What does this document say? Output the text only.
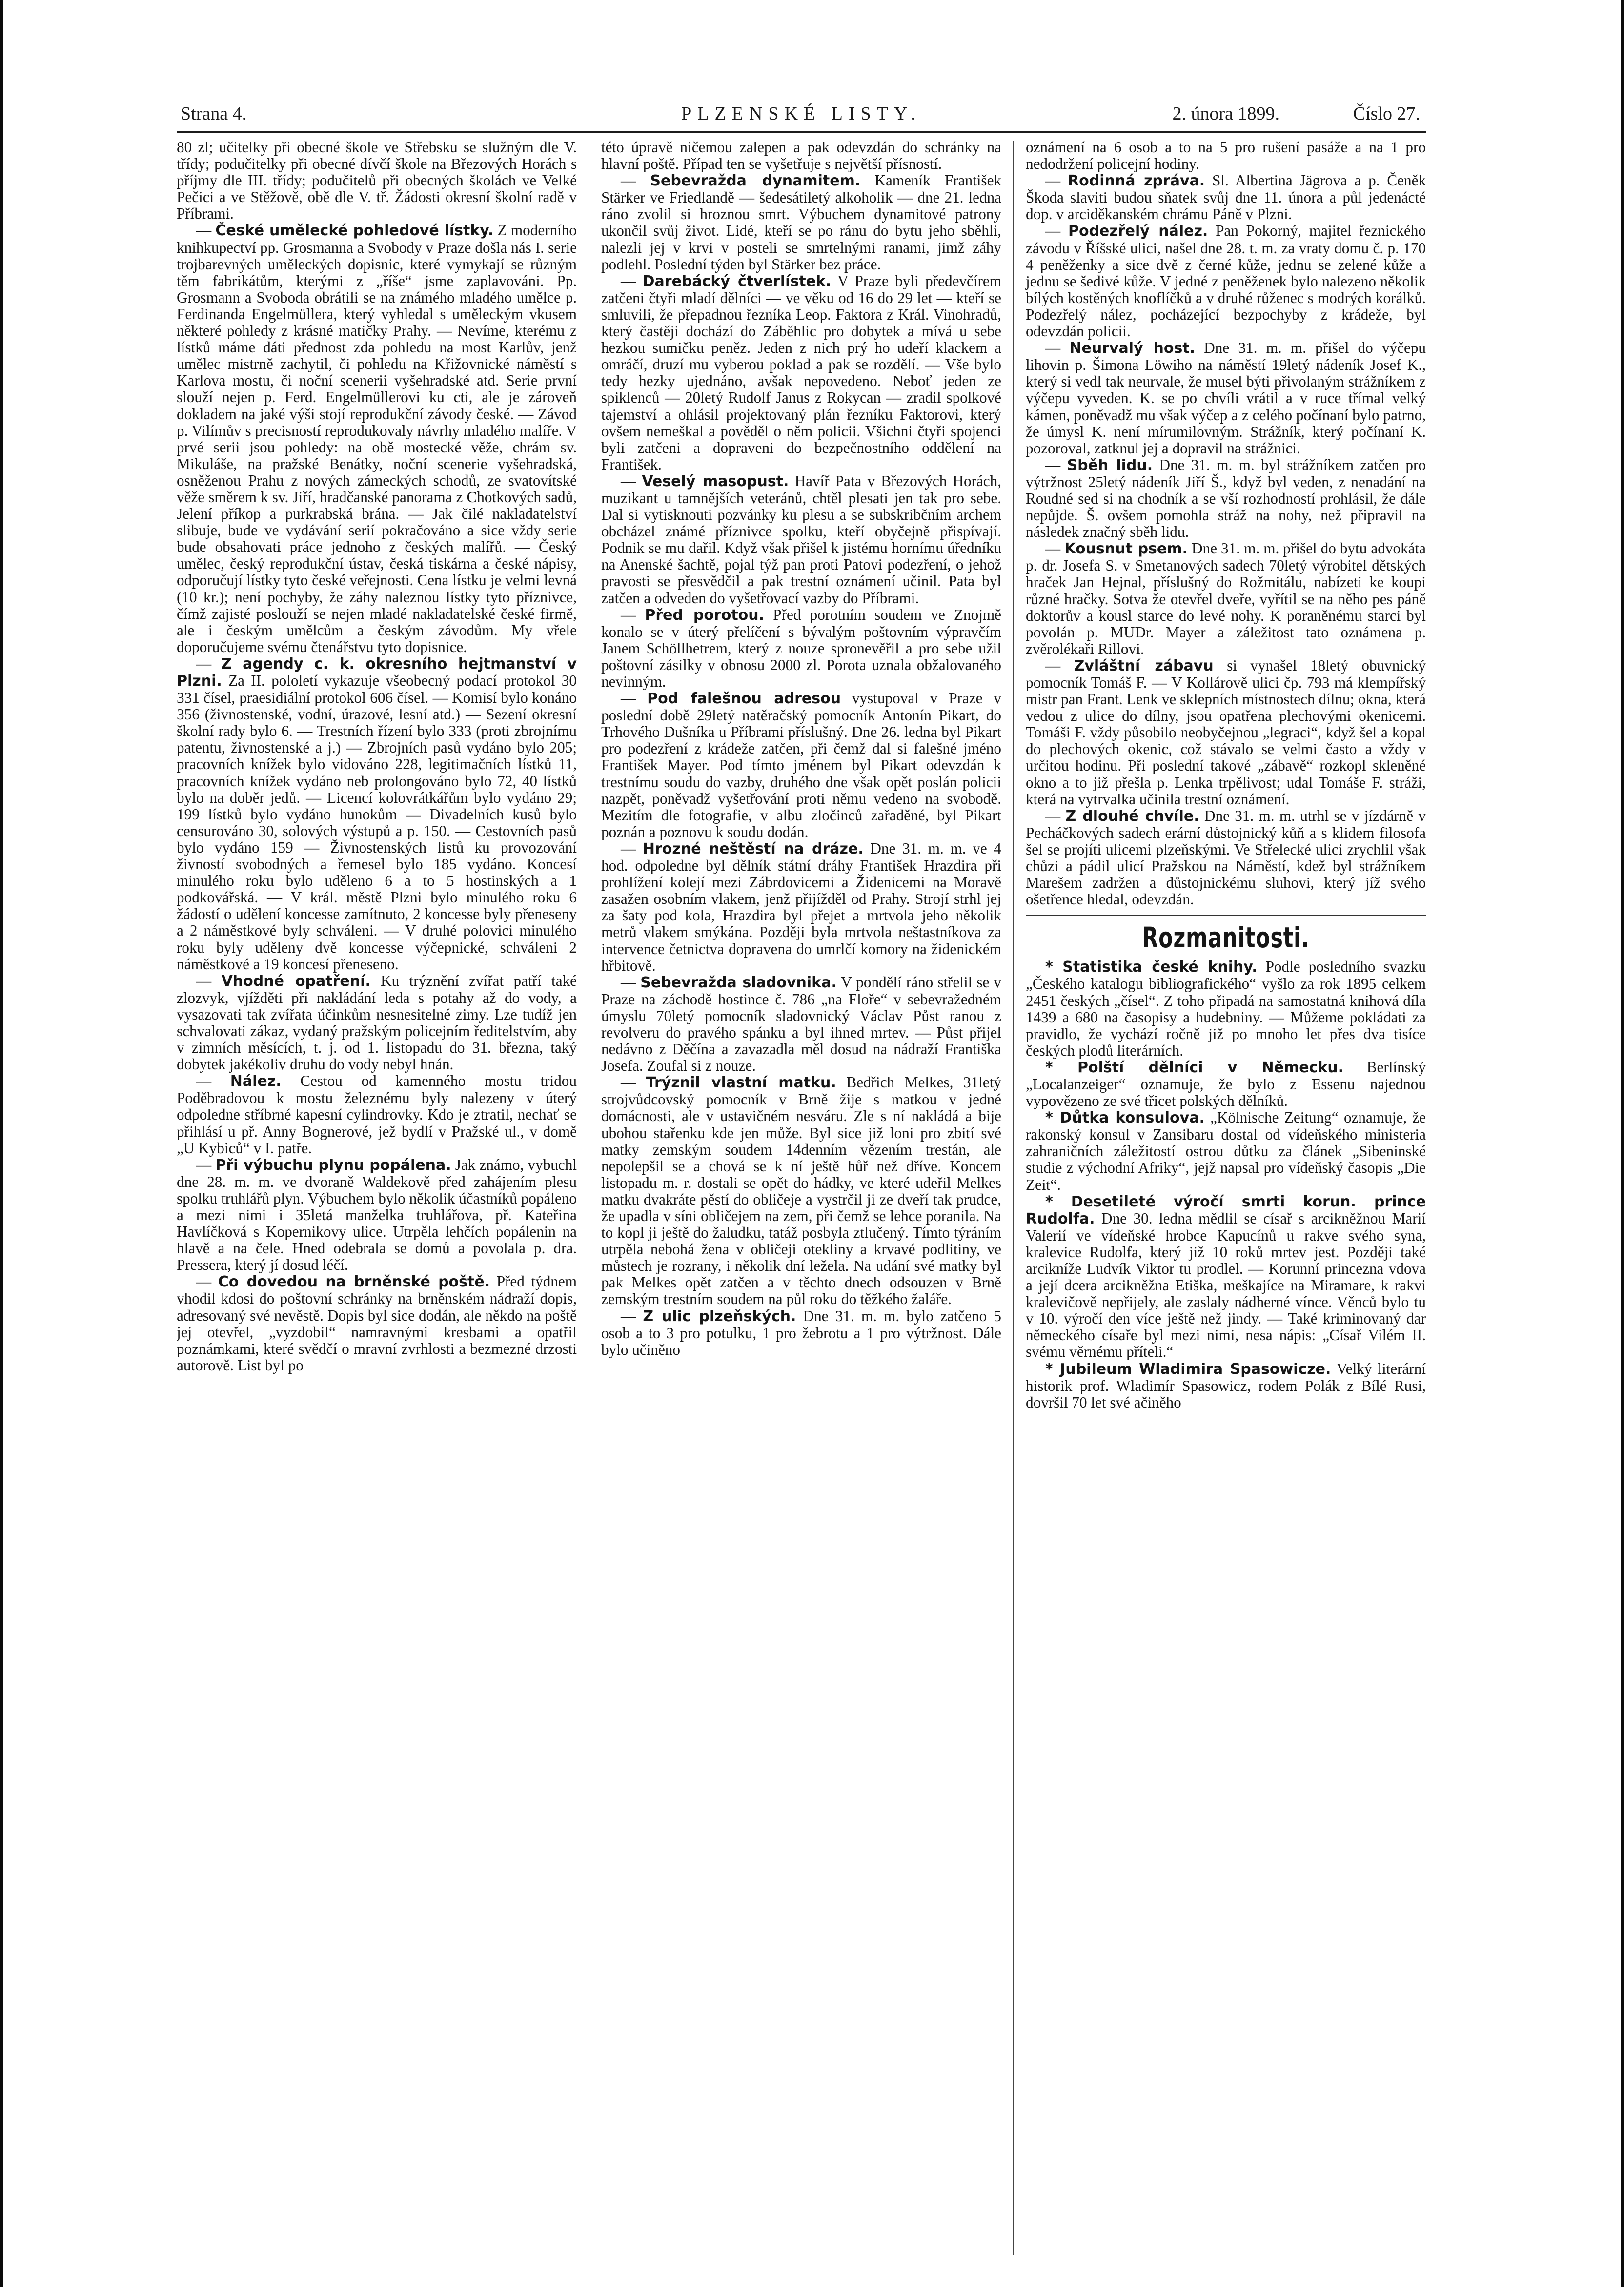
Strana 4.	PLZENSKÉ LISTY.	2. února 1899.	Číslo 27.

80 zl; učitelky při obecné škole ve Střebsku se služným dle V. třídy; podučitelky při obecné dívčí škole na Březových Horách s příjmy dle III. třídy; podučitelů při obecných školách ve Velké Pečici a ve Stěžově, obě dle V. tř. Žádosti okresní školní radě v Příbrami.

— České umělecké pohledové lístky. Z moderního knihkupectví pp. Grosmanna a Svobody v Praze došla nás I. serie trojbarevných uměleckých dopisnic, které vymykají se různým těm fabrikátům, kterými z „říše“ jsme zaplavováni. Pp. Grosmann a Svoboda obrátili se na známého mladého umělce p. Ferdinanda Engelmüllera, který vyhledal s uměleckým vkusem některé pohledy z krásné matičky Prahy. — Nevíme, kterému z lístků máme dáti přednost zda pohledu na most Karlův, jenž umělec mistrně zachytil, či pohledu na Křižovnické náměstí s Karlova mostu, či noční scenerii vyšehradské atd. Serie první slouží nejen p. Ferd. Engelmüllerovi ku cti, ale je zároveň dokladem na jaké výši stojí reprodukční závody české. — Závod p. Vilímův s precisností reprodukovaly návrhy mladého malíře. V prvé serii jsou pohledy: na obě mostecké věže, chrám sv. Mikuláše, na pražské Benátky, noční scenerie vyšehradská, osněženou Prahu z nových zámeckých schodů, ze svatovítské věže směrem k sv. Jiří, hradčanské panorama z Chotkových sadů, Jelení příkop a purkrabská brána. — Jak čilé nakladatelství slibuje, bude ve vydávání serií pokračováno a sice vždy serie bude obsahovati práce jednoho z českých malířů. — Český umělec, český reprodukční ústav, česká tiskárna a české nápisy, odporučují lístky tyto české veřejnosti. Cena lístku je velmi levná (10 kr.); není pochyby, že záhy naleznou lístky tyto příznivce, čímž zajisté poslouží se nejen mladé nakladatelské české firmě, ale i českým umělcům a českým závodům. My vřele doporučujeme svému čtenářstvu tyto dopisnice.

— Z agendy c. k. okresního hejtmanství v Plzni. Za II. pololetí vykazuje všeobecný podací protokol 30 331 čísel, praesidiální protokol 606 čísel. — Komisí bylo konáno 356 (živnostenské, vodní, úrazové, lesní atd.) — Sezení okresní školní rady bylo 6. — Trestních řízení bylo 333 (proti zbrojnímu patentu, živnostenské a j.) — Zbrojních pasů vydáno bylo 205; pracovních knížek bylo vidováno 228, legitimačních lístků 11, pracovních knížek vydáno neb prolongováno bylo 72, 40 lístků bylo na doběr jedů. — Licencí kolovrátkářům bylo vydáno 29; 199 lístků bylo vydáno hunokům — Divadelních kusů bylo censurováno 30, solových výstupů a p. 150. — Cestovních pasů bylo vydáno 159 — Živnostenských listů ku provozování živností svobodných a řemesel bylo 185 vydáno. Koncesí minulého roku bylo uděleno 6 a to 5 hostinských a 1 podkovářská. — V král. městě Plzni bylo minulého roku 6 žádostí o udělení koncesse zamítnuto, 2 koncesse byly přeneseny a 2 náměstkové byly schváleni. — V druhé polovici minulého roku byly uděleny dvě koncesse výčepnické, schváleni 2 náměstkové a 19 koncesí přeneseno.

— Vhodné opatření. Ku trýznění zvířat patří také zlozvyk, vjížděti při nakládání leda s potahy až do vody, a vysazovati tak zvířata účinkům nesnesitelné zimy. Lze tudíž jen schvalovati zákaz, vydaný pražským policejním ředitelstvím, aby v zimních měsících, t. j. od 1. listopadu do 31. března, taký dobytek jakékoliv druhu do vody nebyl hnán.

— Nález. Cestou od kamenného mostu tridou Poděbradovou k mostu železnému byly nalezeny v úterý odpoledne stříbrné kapesní cylindrovky. Kdo je ztratil, nechať se přihlásí u př. Anny Bognerové, jež bydlí v Pražské ul., v domě „U Kybiců“ v I. patře.

— Při výbuchu plynu popálena. Jak známo, vybuchl dne 28. m. m. ve dvoraně Waldekově před zahájením plesu spolku truhlářů plyn. Výbuchem bylo několik účastníků popáleno a mezi nimi i 35letá manželka truhlářova, př. Kateřina Havlíčková s Kopernikovy ulice. Utrpěla lehčích popálenin na hlavě a na čele. Hned odebrala se domů a povolala p. dra. Pressera, který jí dosud léčí.

— Co dovedou na brněnské poště. Před týdnem vhodil kdosi do poštovní schránky na brněnském nádraží dopis, adresovaný své nevěstě. Dopis byl sice dodán, ale někdo na poště jej otevřel, „vyzdobil“ namravnými kresbami a opatřil poznámkami, které svědčí o mravní zvrhlosti a bezmezné drzosti autorově. List byl po

této úpravě ničemou zalepen a pak odevzdán do schránky na hlavní poště. Případ ten se vyšetřuje s největší přísností.

— Sebevražda dynamitem. Kameník František Stärker ve Friedlandě — šedesátiletý alkoholik — dne 21. ledna ráno zvolil si hroznou smrt. Výbuchem dynamitové patrony ukončil svůj život. Lidé, kteří se po ránu do bytu jeho sběhli, nalezli jej v krvi v posteli se smrtelnými ranami, jimž záhy podlehl. Poslední týden byl Stärker bez práce.

— Darebácký čtverlístek. V Praze byli předevčírem zatčeni čtyři mladí dělníci — ve věku od 16 do 29 let — kteří se smluvili, že přepadnou řezníka Leop. Faktora z Král. Vinohradů, který častěji dochází do Záběhlic pro dobytek a mívá u sebe hezkou sumičku peněz. Jeden z nich prý ho udeří klackem a omráčí, druzí mu vyberou poklad a pak se rozdělí. — Vše bylo tedy hezky ujednáno, avšak nepovedeno. Neboť jeden ze spiklenců — 20letý Rudolf Janus z Rokycan — zradil spolkové tajemství a ohlásil projektovaný plán řezníku Faktorovi, který ovšem nemeškal a pověděl o něm policii. Všichni čtyři spojenci byli zatčeni a dopraveni do bezpečnostního oddělení na František.

— Veselý masopust. Havíř Pata v Březových Horách, muzikant u tamnějších veteránů, chtěl plesati jen tak pro sebe. Dal si vytisknouti pozvánky ku plesu a se subskribčním archem obcházel známé příznivce spolku, kteří obyčejně přispívají. Podnik se mu dařil. Když však přišel k jistému hornímu úředníku na Anenské šachtě, pojal týž pan proti Patovi podezření, o jehož pravosti se přesvědčil a pak trestní oznámení učinil. Pata byl zatčen a odveden do vyšetřovací vazby do Příbrami.

— Před porotou. Před porotním soudem ve Znojmě konalo se v úterý přelíčení s bývalým poštovním výpravčím Janem Schöllhetrem, který z nouze spronevěřil a pro sebe užil poštovní zásilky v obnosu 2000 zl. Porota uznala obžalovaného nevinným.

— Pod falešnou adresou vystupoval v Praze v poslední době 29letý natěračský pomocník Antonín Pikart, do Trhového Dušníka u Příbrami příslušný. Dne 26. ledna byl Pikart pro podezření z krádeže zatčen, při čemž dal si falešné jméno František Mayer. Pod tímto jménem byl Pikart odevzdán k trestnímu soudu do vazby, druhého dne však opět poslán policii nazpět, poněvadž vyšetřování proti němu vedeno na svobodě. Mezitím dle fotografie, v albu zločinců zařaděné, byl Pikart poznán a poznovu k soudu dodán.

— Hrozné neštěstí na dráze. Dne 31. m. m. ve 4 hod. odpoledne byl dělník státní dráhy František Hrazdira při prohlížení kolejí mezi Zábrdovicemi a Židenicemi na Moravě zasažen osobním vlakem, jenž přijížděl od Prahy. Strojí strhl jej za šaty pod kola, Hrazdira byl přejet a mrtvola jeho několik metrů vlakem smýkána. Později byla mrtvola neštastníkova za intervence četnictva dopravena do umrlčí komory na židenickém hřbitově.

— Sebevražda sladovnika. V pondělí ráno střelil se v Praze na záchodě hostince č. 786 „na Floře“ v sebevražedném úmyslu 70letý pomocník sladovnický Václav Půst ranou z revolveru do pravého spánku a byl ihned mrtev. — Půst přijel nedávno z Děčína a zavazadla měl dosud na nádraží Františka Josefa. Zoufal si z nouze.

— Trýznil vlastní matku. Bedřich Melkes, 31letý strojvůdcovský pomocník v Brně žije s matkou v jedné domácnosti, ale v ustavičném nesváru. Zle s ní nakládá a bije ubohou stařenku kde jen může. Byl sice již loni pro zbití své matky zemským soudem 14denním vězením trestán, ale nepolepšil se a chová se k ní ještě hůř než dříve. Koncem listopadu m. r. dostali se opět do hádky, ve které udeřil Melkes matku dvakráte pěstí do obličeje a vystrčil ji ze dveří tak prudce, že upadla v síni obličejem na zem, při čemž se lehce poranila. Na to kopl ji ještě do žaludku, tatáž posbyla ztlučený. Tímto týráním utrpěla nebohá žena v obličeji otekliny a krvavé podlitiny, ve můstech je rozrany, i několik dní ležela. Na udání své matky byl pak Melkes opět zatčen a v těchto dnech odsouzen v Brně zemským trestním soudem na půl roku do těžkého žaláře.

— Z ulic plzeňských. Dne 31. m. m. bylo zatčeno 5 osob a to 3 pro potulku, 1 pro žebrotu a 1 pro výtržnost. Dále bylo učiněno

oznámení na 6 osob a to na 5 pro rušení pasáže a na 1 pro nedodržení policejní hodiny.

— Rodinná zpráva. Sl. Albertina Jägrova a p. Čeněk Škoda slaviti budou sňatek svůj dne 11. února a půl jedenácté dop. v arciděkanském chrámu Páně v Plzni.

— Podezřelý nález. Pan Pokorný, majitel řeznického závodu v Říšské ulici, našel dne 28. t. m. za vraty domu č. p. 170 4 peněženky a sice dvě z černé kůže, jednu se zelené kůže a jednu se šedivé kůže. V jedné z peněženek bylo nalezeno několik bílých kostěných knoflíčků a v druhé růženec s modrých korálků. Podezřelý nález, pocházející bezpochyby z krádeže, byl odevzdán policii.

— Neurvalý host. Dne 31. m. m. přišel do výčepu lihovin p. Šimona Löwiho na náměstí 19letý nádeník Josef K., který si vedl tak neurvale, že musel býti přivolaným strážníkem z výčepu vyveden. K. se po chvíli vrátil a v ruce třímal velký kámen, poněvadž mu však výčep a z celého počínaní bylo patrno, že úmysl K. není mírumilovným. Strážník, který počínaní K. pozoroval, zatknul jej a dopravil na strážnici.

— Sběh lidu. Dne 31. m. m. byl strážníkem zatčen pro výtržnost 25letý nádeník Jiří Š., když byl veden, z nenadání na Roudné sed si na chodník a se vší rozhodností prohlásil, že dále nepůjde. Š. ovšem pomohla stráž na nohy, než připravil na následek značný sběh lidu.

— Kousnut psem. Dne 31. m. m. přišel do bytu advokáta p. dr. Josefa S. v Smetanových sadech 70letý výrobitel dětských hraček Jan Hejnal, příslušný do Rožmitálu, nabízeti ke koupi různé hračky. Sotva že otevřel dveře, vyřítil se na něho pes páně doktorův a kousl starce do levé nohy. K poraněnému starci byl povolán p. MUDr. Mayer a záležitost tato oznámena p. zvěrolékaři Rillovi.

— Zvláštní zábavu si vynašel 18letý obuvnický pomocník Tomáš F. — V Kollárově ulici čp. 793 má klempířský mistr pan Frant. Lenk ve sklepních místnostech dílnu; okna, která vedou z ulice do dílny, jsou opatřena plechovými okenicemi. Tomáši F. vždy působilo neobyčejnou „legraci“, když šel a kopal do plechových okenic, což stávalo se velmi často a vždy v určitou hodinu. Při poslední takové „zábavě“ rozkopl skleněné okno a to již přešla p. Lenka trpělivost; udal Tomáše F. stráži, která na vytrvalka učinila trestní oznámení.

— Z dlouhé chvíle. Dne 31. m. m. utrhl se v jízdárně v Pecháčkových sadech erární důstojnický kůň a s klidem filosofa šel se projíti ulicemi plzeňskými. Ve Střelecké ulici zrychlil však chůzi a pádil ulicí Pražskou na Náměstí, kdež byl strážníkem Marešem zadržen a důstojnickému sluhovi, který jíž svého ošetřence hledal, odevzdán.

Rozmanitosti.

* Statistika české knihy. Podle posledního svazku „Českého katalogu bibliografického“ vyšlo za rok 1895 celkem 2451 českých „čísel“. Z toho připadá na samostatná knihová díla 1439 a 680 na časopisy a hudebniny. — Můžeme pokládati za pravidlo, že vychází ročně již po mnoho let přes dva tisíce českých plodů literárních.

* Polští dělníci v Německu. Berlínský „Localanzeiger“ oznamuje, že bylo z Essenu najednou vypovězeno ze své třicet polských dělníků.

* Důtka konsulova. „Kölnische Zeitung“ oznamuje, že rakonský konsul v Zansibaru dostal od vídeňského ministeria zahraničních záležitostí ostrou důtku za článek „Sibeninské studie z východní Afriky“, jejž napsal pro vídeňský časopis „Die Zeit“.

* Desetileté výročí smrti korun. prince Rudolfa. Dne 30. ledna mědlil se císař s arcikněžnou Marií Valerií ve vídeňské hrobce Kapucínů u rakve svého syna, kralevice Rudolfa, který již 10 roků mrtev jest. Později také arcikníže Ludvík Viktor tu prodlel. — Korunní princezna vdova a její dcera arcikněžna Etiška, meškajíce na Miramare, k rakvi kralevičově nepřijely, ale zaslaly nádherné vínce. Věnců bylo tu v 10. výročí den více ještě než jindy. — Také kriminovaný dar německého císaře byl mezi nimi, nesa nápis: „Císař Vilém II. svému věrnému příteli.“

* Jubileum Wladimira Spasowicze. Velký literární historik prof. Wladimír Spasowicz, rodem Polák z Bílé Rusi, dovršil 70 let své ačiněho
